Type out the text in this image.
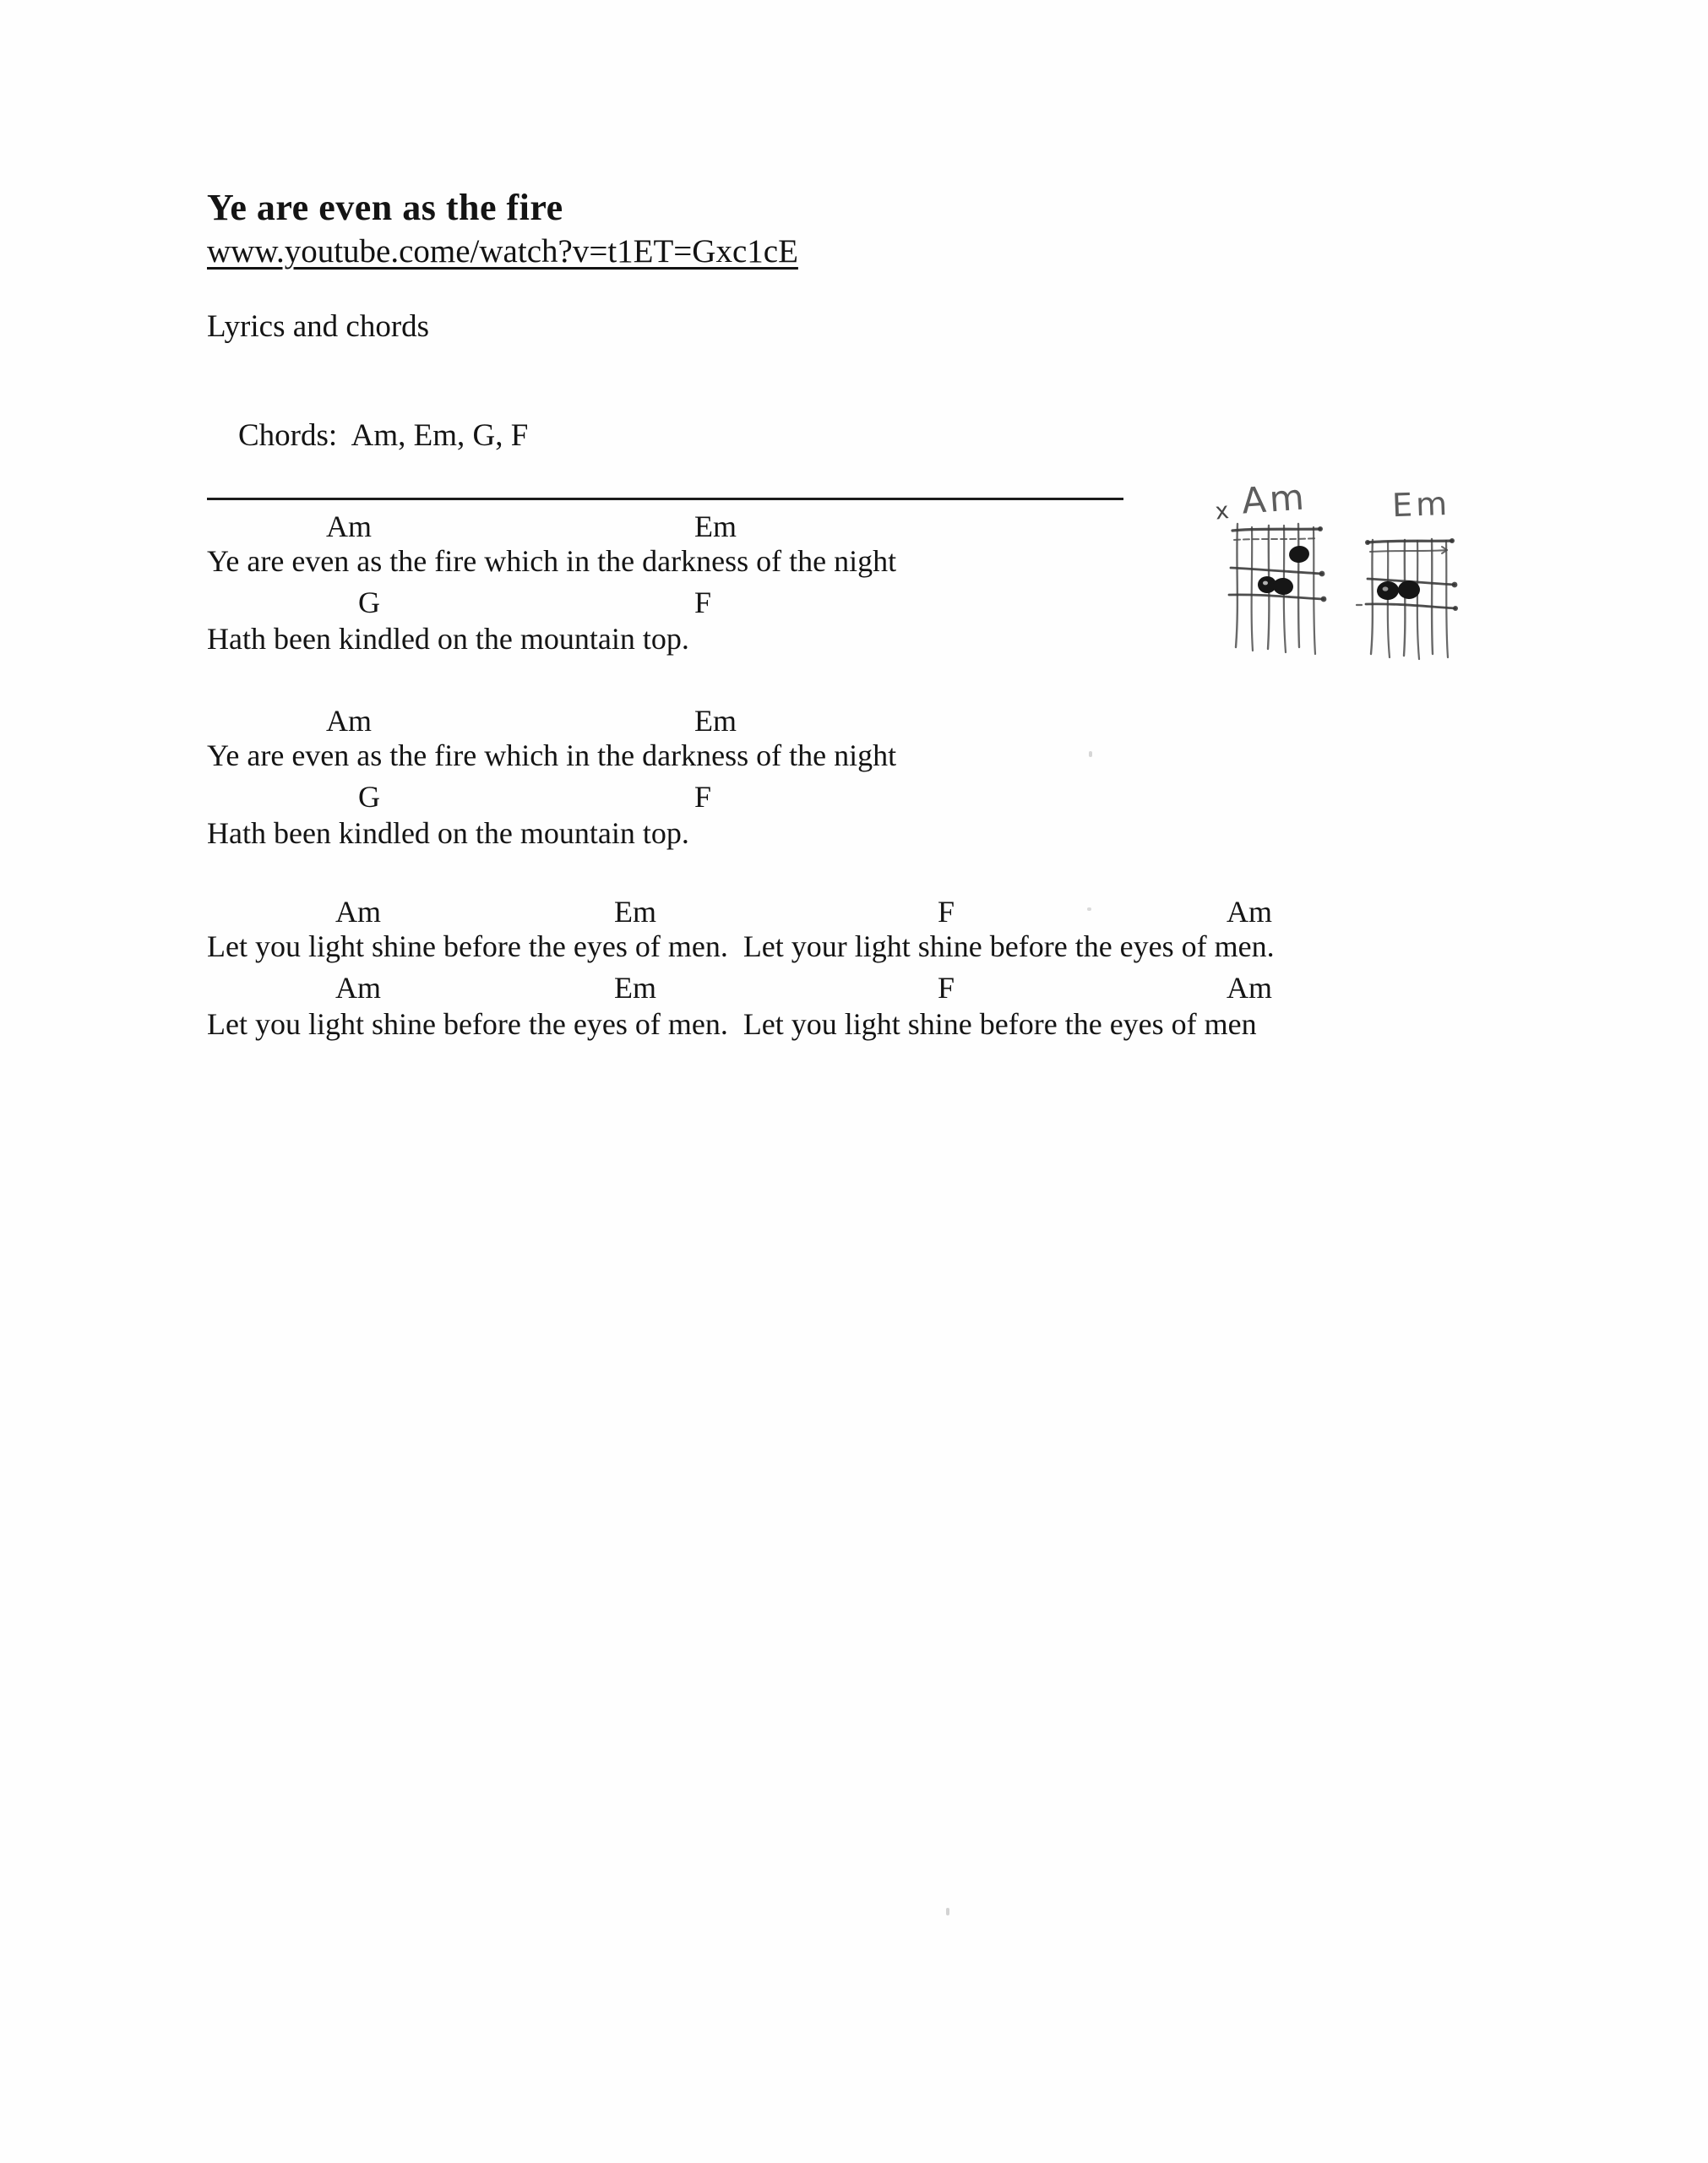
Ye are even as the fire
www.youtube.come/watch?v=t1ET=Gxc1cE
Lyrics and chords

Chords: Am, Em, G, F

Am	Em
Ye are even as the fire which in the darkness of the night
G	F
Hath been kindled on the mountain top.
Am	Em
Ye are even as the fire which in the darkness of the night
G	F
Hath been kindled on the mountain top.
Am	Em	F	Am
Let you light shine before the eyes of men.  Let your light shine before the eyes of men.
Am	Em	F	Am
Let you light shine before the eyes of men.  Let you light shine before the eyes of men
Am
x	Em
